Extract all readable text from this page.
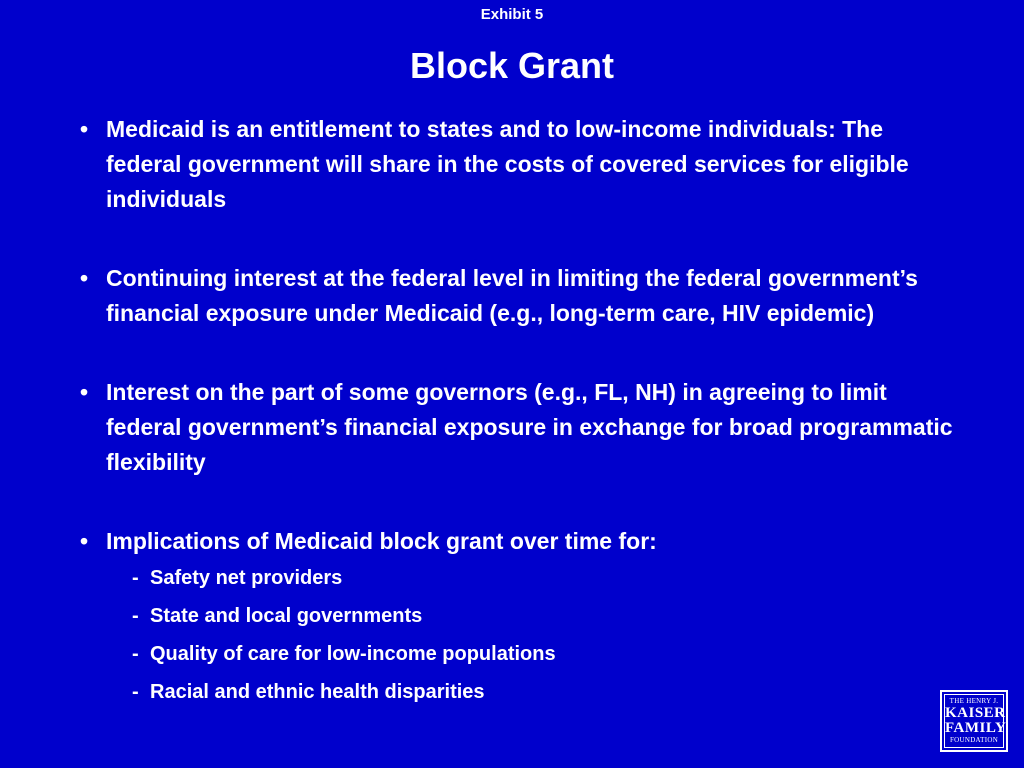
Exhibit 5
Block Grant
• Medicaid is an entitlement to states and to low-income individuals: The federal government will share in the costs of covered services for eligible individuals
• Continuing interest at the federal level in limiting the federal government’s financial exposure under Medicaid (e.g., long-term care, HIV epidemic)
• Interest on the part of some governors (e.g., FL, NH) in agreeing to limit federal government’s financial exposure in exchange for broad programmatic flexibility
• Implications of Medicaid block grant over time for:
- Safety net providers
- State and local governments
- Quality of care for low-income populations
- Racial and ethnic health disparities	THE HENRY J.
KAISER
FAMILY
FOUNDATION
